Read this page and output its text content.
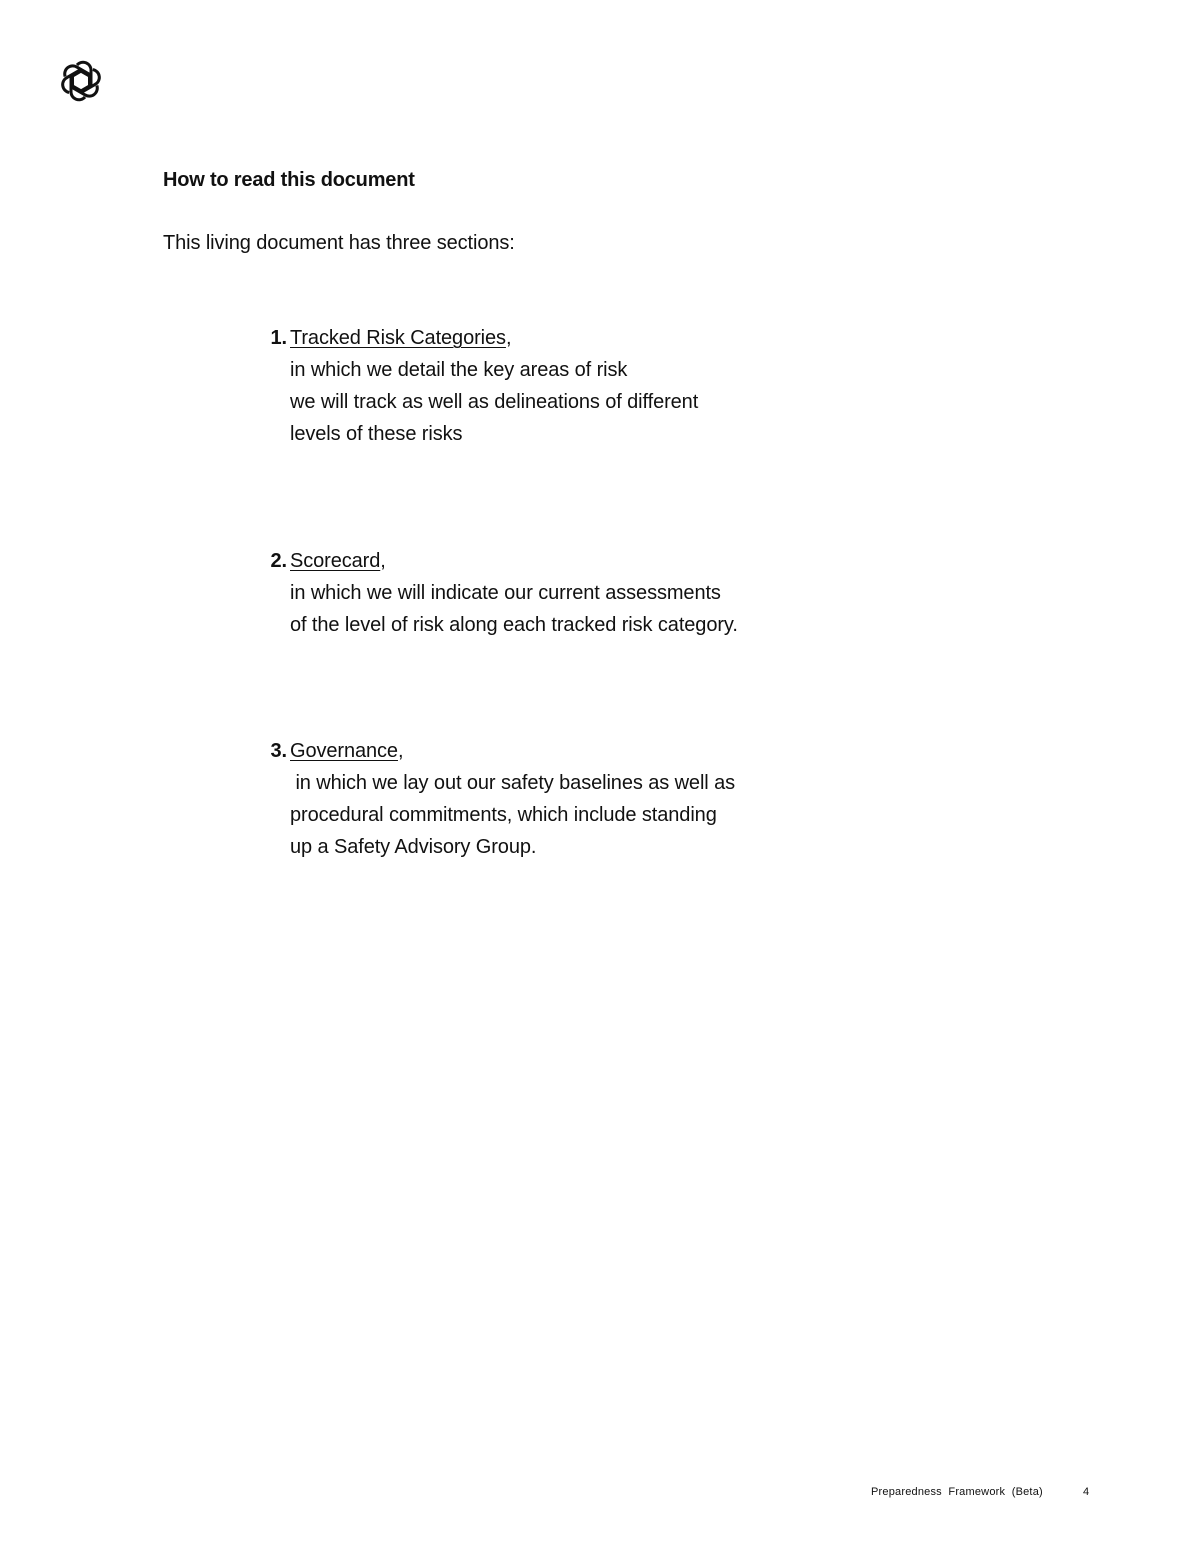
How to read this document
This living document has three sections:
1. Tracked Risk Categories,
in which we detail the key areas of risk
we will track as well as delineations of different
levels of these risks
2. Scorecard,
in which we will indicate our current assessments
of the level of risk along each tracked risk category.
3. Governance,
in which we lay out our safety baselines as well as
procedural commitments, which include standing
up a Safety Advisory Group.
Preparedness  Framework  (Beta)	4
